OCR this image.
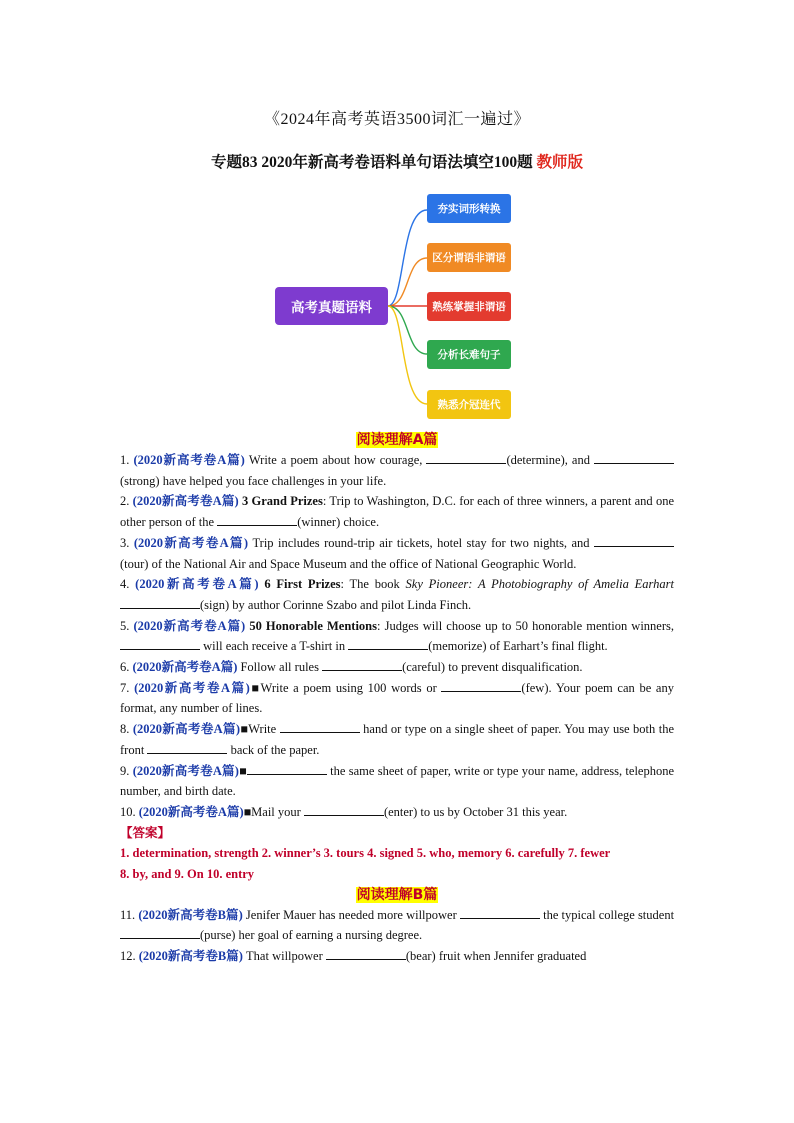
《2024年高考英语3500词汇一遍过》
专题83 2020年新高考卷语料单句语法填空100题 教师版
高考真题语料
夯实词形转换
区分谓语非谓语
熟练掌握非谓语
分析长难句子
熟悉介冠连代

阅读理解A篇

1. (2020新高考卷A篇) Write a poem about how courage,	(determine), and (strong) have helped you face challenges in your life.

2. (2020新高考卷A篇) 3 Grand Prizes: Trip to Washington, D.C. for each of three winners, a parent and one other person of the	(winner) choice.

3. (2020新高考卷A篇) Trip includes round-trip air tickets, hotel stay for two nights, and (tour) of the National Air and Space Museum and the office of National Geographic World.

4. (2020新高考卷A篇) 6 First Prizes: The book Sky Pioneer: A Photobiography of Amelia Earhart (sign) by author Corinne Szabo and pilot Linda Finch.

5. (2020新高考卷A篇) 50 Honorable Mentions: Judges will choose up to 50 honorable mention winners,  will each receive a T-shirt in	(memorize) of Earhart’s final flight.

6. (2020新高考卷A篇) Follow all rules	(careful) to prevent disqualification.

7. (2020新高考卷A篇)■Write a poem using 100 words or	(few). Your poem can be any format, any number of lines.

8. (2020新高考卷A篇)■Write	hand or type on a single sheet of paper. You may use both the front	back of the paper.

9. (2020新高考卷A篇)■	the same sheet of paper, write or type your name, address, telephone number, and birth date.

10. (2020新高考卷A篇)■Mail your	(enter) to us by October 31 this year.

【答案】

1. determination, strength 2. winner’s 3. tours 4. signed 5. who, memory 6. carefully 7. fewer

8. by, and 9. On 10. entry

阅读理解B篇

11. (2020新高考卷B篇) Jenifer Mauer has needed more willpower	the typical college student (purse) her goal of earning a nursing degree.

12. (2020新高考卷B篇) That willpower	(bear) fruit when Jennifer graduated
